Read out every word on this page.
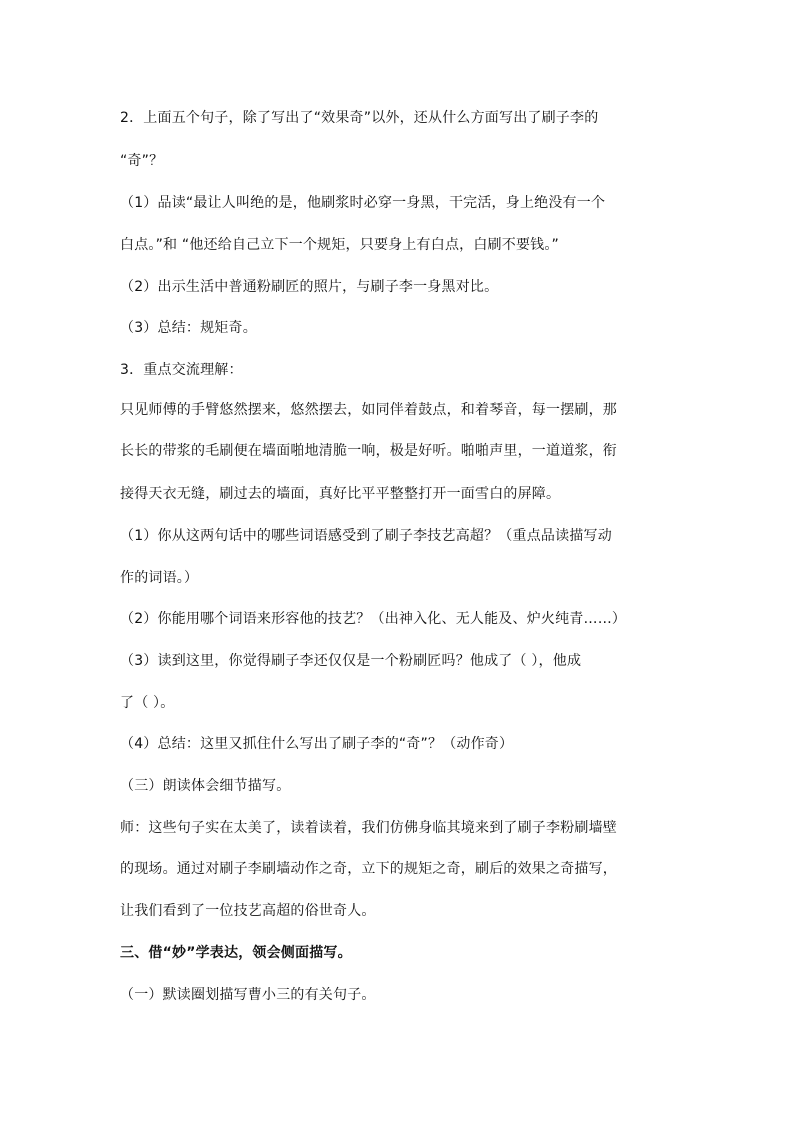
2．上面五个句子，除了写出了“效果奇”以外，还从什么方面写出了刷子李的
“奇”？
（1）品读“最让人叫绝的是，他刷浆时必穿一身黑，干完活，身上绝没有一个
白点。”和 “他还给自己立下一个规矩，只要身上有白点，白刷不要钱。”
（2）出示生活中普通粉刷匠的照片，与刷子李一身黑对比。
（3）总结：规矩奇。
3．重点交流理解：
只见师傅的手臂悠然摆来，悠然摆去，如同伴着鼓点，和着琴音，每一摆刷，那
长长的带浆的毛刷便在墙面啪地清脆一响，极是好听。啪啪声里，一道道浆，衔
接得天衣无缝，刷过去的墙面，真好比平平整整打开一面雪白的屏障。
（1）你从这两句话中的哪些词语感受到了刷子李技艺高超？（重点品读描写动
作的词语。）
（2）你能用哪个词语来形容他的技艺？（出神入化、无人能及、炉火纯青……）
（3）读到这里，你觉得刷子李还仅仅是一个粉刷匠吗？他成了（ ），他成
了（ ）。
（4）总结：这里又抓住什么写出了刷子李的“奇”？（动作奇）
（三）朗读体会细节描写。
师：这些句子实在太美了，读着读着，我们仿佛身临其境来到了刷子李粉刷墙壁
的现场。通过对刷子李刷墙动作之奇，立下的规矩之奇，刷后的效果之奇描写，
让我们看到了一位技艺高超的俗世奇人。
三、借“妙”学表达，领会侧面描写。
（一）默读圈划描写曹小三的有关句子。
